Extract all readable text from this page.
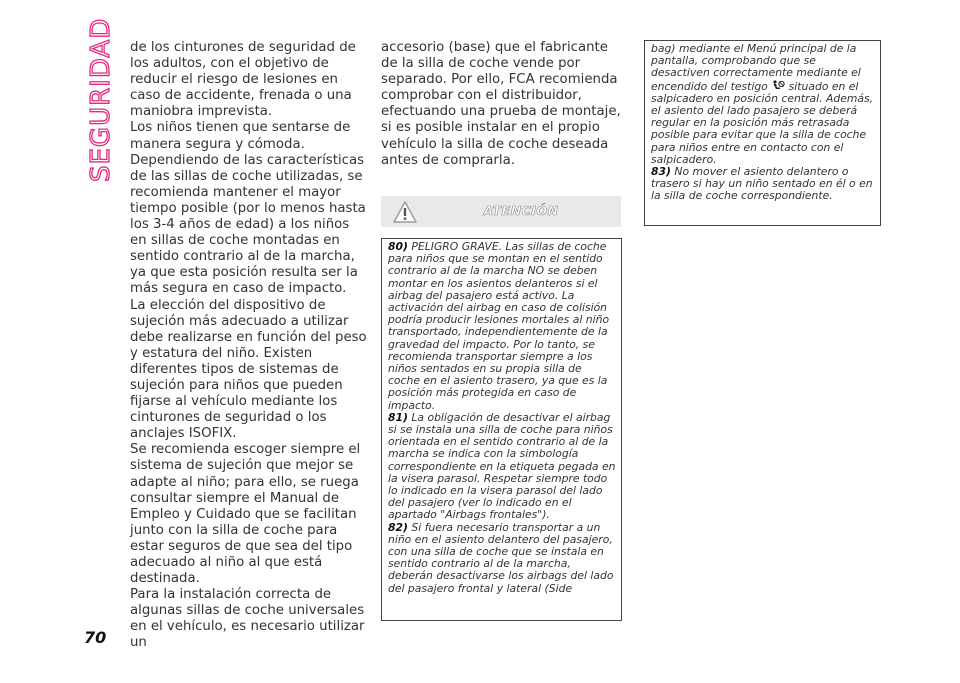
SEGURIDAD
70

de los cinturones de seguridad de los adultos, con el objetivo de reducir el riesgo de lesiones en caso de accidente, frenada o una maniobra imprevista.

Los niños tienen que sentarse de manera segura y cómoda. Dependiendo de las características de las sillas de coche utilizadas, se recomienda mantener el mayor tiempo posible (por lo menos hasta los 3-4 años de edad) a los niños en sillas de coche montadas en sentido contrario al de la marcha, ya que esta posición resulta ser la más segura en caso de impacto.

La elección del dispositivo de sujeción más adecuado a utilizar debe realizarse en función del peso y estatura del niño. Existen diferentes tipos de sistemas de sujeción para niños que pueden fijarse al vehículo mediante los cinturones de seguridad o los anclajes ISOFIX.

Se recomienda escoger siempre el sistema de sujeción que mejor se adapte al niño; para ello, se ruega consultar siempre el Manual de Empleo y Cuidado que se facilitan junto con la silla de coche para estar seguros de que sea del tipo adecuado al niño al que está destinada.

Para la instalación correcta de algunas sillas de coche universales en el vehículo, es necesario utilizar un

accesorio (base) que el fabricante de la silla de coche vende por separado. Por ello, FCA recomienda comprobar con el distribuidor, efectuando una prueba de montaje, si es posible instalar en el propio vehículo la silla de coche deseada antes de comprarla.

ATENCIÓN

80) PELIGRO GRAVE. Las sillas de coche para niños que se montan en el sentido contrario al de la marcha NO se deben montar en los asientos delanteros si el airbag del pasajero está activo. La activación del airbag en caso de colisión podría producir lesiones mortales al niño transportado, independientemente de la gravedad del impacto. Por lo tanto, se recomienda transportar siempre a los niños sentados en su propia silla de coche en el asiento trasero, ya que es la posición más protegida en caso de impacto.

81) La obligación de desactivar el airbag si se instala una silla de coche para niños orientada en el sentido contrario al de la marcha se indica con la simbología correspondiente en la etiqueta pegada en la visera parasol. Respetar siempre todo lo indicado en la visera parasol del lado del pasajero (ver lo indicado en el apartado "Airbags frontales").

82) Si fuera necesario transportar a un niño en el asiento delantero del pasajero, con una silla de coche que se instala en sentido contrario al de la marcha, deberán desactivarse los airbags del lado del pasajero frontal y lateral (Side

bag) mediante el Menú principal de la pantalla, comprobando que se desactiven correctamente mediante el encendido del testigo  situado en el salpicadero en posición central. Además, el asiento del lado pasajero se deberá regular en la posición más retrasada posible para evitar que la silla de coche para niños entre en contacto con el salpicadero.

83) No mover el asiento delantero o trasero si hay un niño sentado en él o en la silla de coche correspondiente.
